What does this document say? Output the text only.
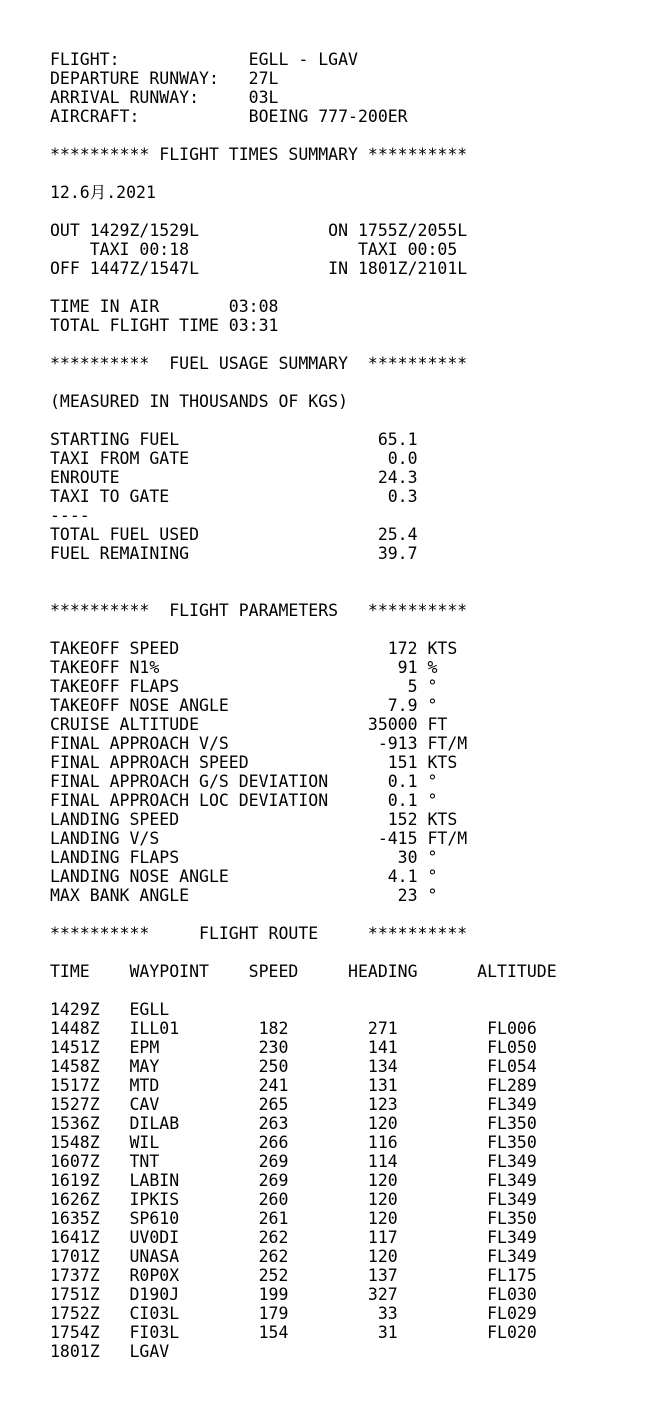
FLIGHT:             EGLL - LGAV
DEPARTURE RUNWAY:   27L
ARRIVAL RUNWAY:     03L
AIRCRAFT:           BOEING 777-200ER
********** FLIGHT TIMES SUMMARY **********
12.6月.2021
OUT 1429Z/1529L             ON 1755Z/2055L
TAXI 00:18                 TAXI 00:05
OFF 1447Z/1547L             IN 1801Z/2101L
TIME IN AIR       03:08
TOTAL FLIGHT TIME 03:31
**********  FUEL USAGE SUMMARY  **********
(MEASURED IN THOUSANDS OF KGS)
STARTING FUEL                    65.1
TAXI FROM GATE                    0.0
ENROUTE                          24.3
TAXI TO GATE                      0.3
----
TOTAL FUEL USED                  25.4
FUEL REMAINING                   39.7
**********  FLIGHT PARAMETERS   **********
TAKEOFF SPEED                     172 KTS
TAKEOFF N1%                        91 %
TAKEOFF FLAPS                       5 °
TAKEOFF NOSE ANGLE                7.9 °
CRUISE ALTITUDE                 35000 FT
FINAL APPROACH V/S               -913 FT/M
FINAL APPROACH SPEED              151 KTS
FINAL APPROACH G/S DEVIATION      0.1 °
FINAL APPROACH LOC DEVIATION      0.1 °
LANDING SPEED                     152 KTS
LANDING V/S                      -415 FT/M
LANDING FLAPS                      30 °
LANDING NOSE ANGLE                4.1 °
MAX BANK ANGLE                     23 °
**********     FLIGHT ROUTE     **********
TIME    WAYPOINT    SPEED     HEADING      ALTITUDE
1429Z   EGLL
1448Z   ILL01        182        271         FL006
1451Z   EPM          230        141         FL050
1458Z   MAY          250        134         FL054
1517Z   MTD          241        131         FL289
1527Z   CAV          265        123         FL349
1536Z   DILAB        263        120         FL350
1548Z   WIL          266        116         FL350
1607Z   TNT          269        114         FL349
1619Z   LABIN        269        120         FL349
1626Z   IPKIS        260        120         FL349
1635Z   SP610        261        120         FL350
1641Z   UV0DI        262        117         FL349
1701Z   UNASA        262        120         FL349
1737Z   R0P0X        252        137         FL175
1751Z   D190J        199        327         FL030
1752Z   CI03L        179         33         FL029
1754Z   FI03L        154         31         FL020
1801Z   LGAV
